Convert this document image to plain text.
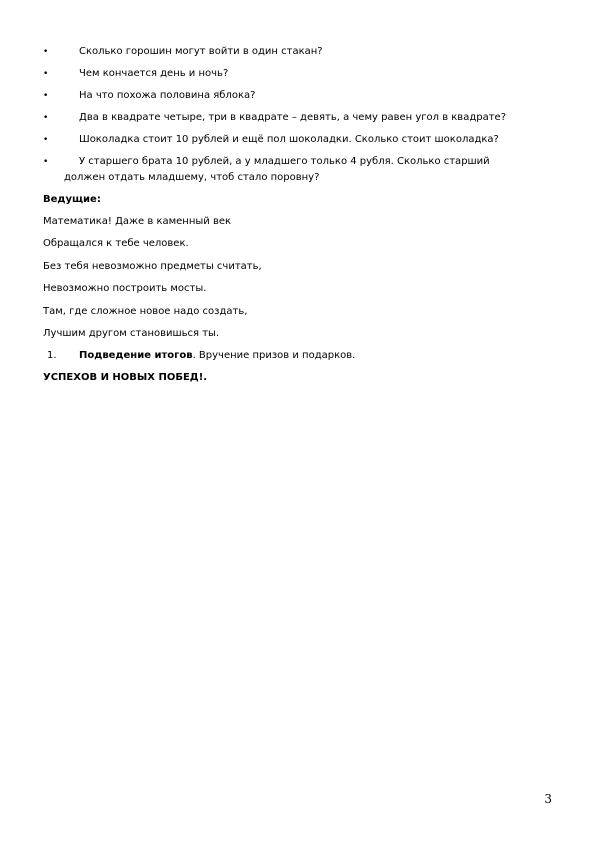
•	Сколько горошин могут войти в один стакан?
•	Чем кончается день и ночь?
•	На что похожа половина яблока?
•	Два в квадрате четыре, три в квадрате – девять, а чему равен угол в квадрате?
•	Шоколадка стоит 10 рублей и ещё пол шоколадки. Сколько стоит шоколадка?
•	У старшего брата 10 рублей, а у младшего только 4 рубля. Сколько старший
должен отдать младшему, чтоб стало поровну?
Ведущие:
Математика! Даже в каменный век
Обращался к тебе человек.
Без тебя невозможно предметы считать,
Невозможно построить мосты.
Там, где сложное новое надо создать,
Лучшим другом становишься ты.
1. Подведение итогов. Вручение призов и подарков.
УСПЕХОВ И НОВЫХ ПОБЕД!.
3
